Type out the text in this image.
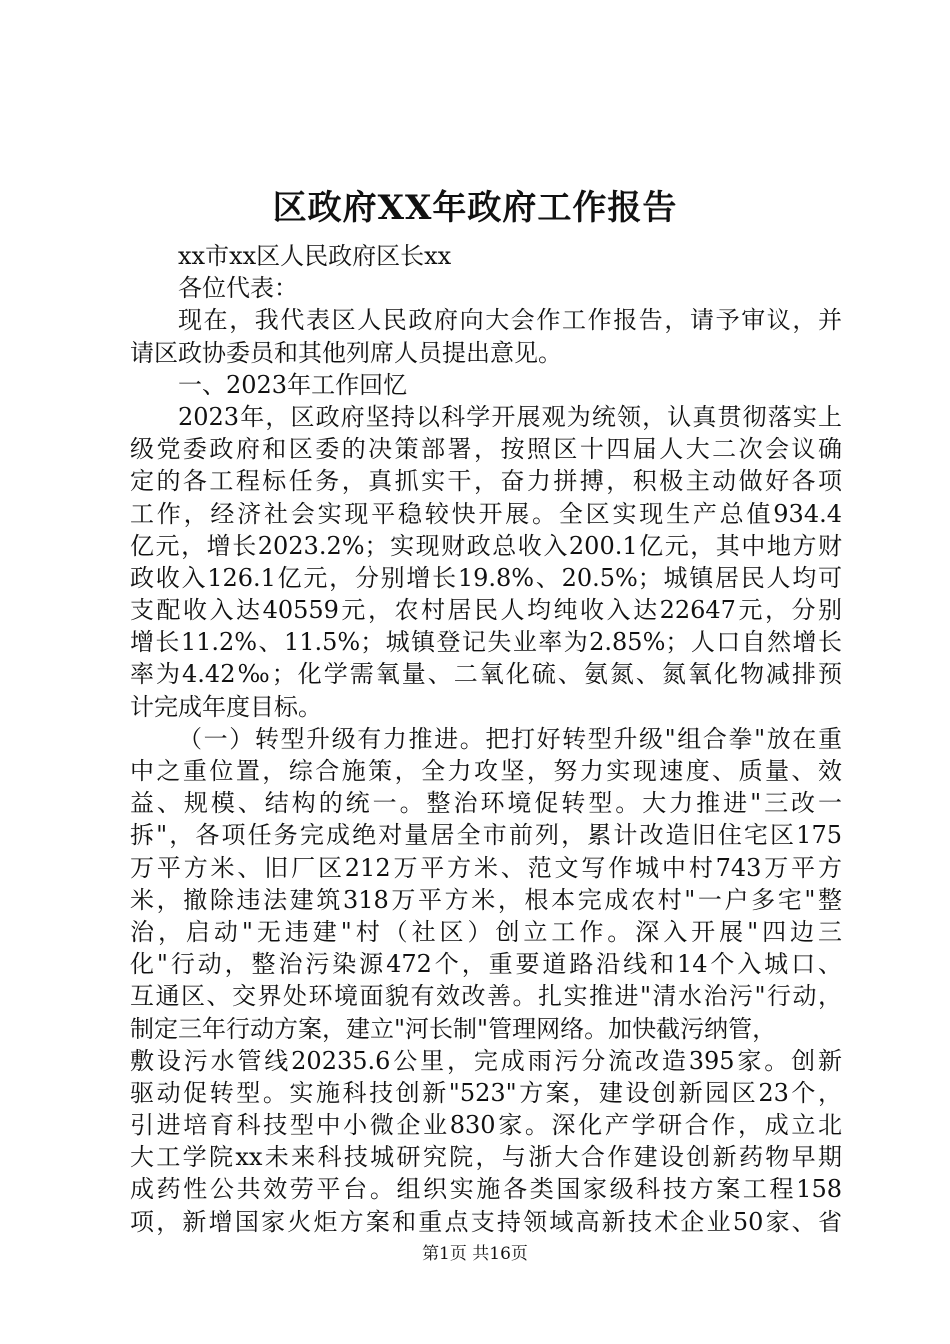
区政府XX年政府工作报告
xx市xx区人民政府区长xx
各位代表：
现在，我代表区人民政府向大会作工作报告，请予审议，并
请区政协委员和其他列席人员提出意见。
一、2023年工作回忆
2023年，区政府坚持以科学开展观为统领，认真贯彻落实上
级党委政府和区委的决策部署，按照区十四届人大二次会议确
定的各工程标任务，真抓实干，奋力拼搏，积极主动做好各项
工作，经济社会实现平稳较快开展。全区实现生产总值934.4
亿元，增长2023.2%；实现财政总收入200.1亿元，其中地方财
政收入126.1亿元，分别增长19.8%、20.5%；城镇居民人均可
支配收入达40559元，农村居民人均纯收入达22647元，分别
增长11.2%、11.5%；城镇登记失业率为2.85%；人口自然增长
率为4.42‰；化学需氧量、二氧化硫、氨氮、氮氧化物减排预
计完成年度目标。
（一）转型升级有力推进。把打好转型升级"组合拳"放在重
中之重位置，综合施策，全力攻坚，努力实现速度、质量、效
益、规模、结构的统一。整治环境促转型。大力推进"三改一
拆"，各项任务完成绝对量居全市前列，累计改造旧住宅区175
万平方米、旧厂区212万平方米、范文写作城中村743万平方
米，撤除违法建筑318万平方米，根本完成农村"一户多宅"整
治，启动"无违建"村（社区）创立工作。深入开展"四边三
化"行动，整治污染源472个，重要道路沿线和14个入城口、
互通区、交界处环境面貌有效改善。扎实推进"清水治污"行动，
制定三年行动方案，建立"河长制"管理网络。加快截污纳管，
敷设污水管线20235.6公里，完成雨污分流改造395家。创新
驱动促转型。实施科技创新"523"方案，建设创新园区23个，
引进培育科技型中小微企业830家。深化产学研合作，成立北
大工学院xx未来科技城研究院，与浙大合作建设创新药物早期
成药性公共效劳平台。组织实施各类国家级科技方案工程158
项，新增国家火炬方案和重点支持领域高新技术企业50家、省
第1页 共16页
